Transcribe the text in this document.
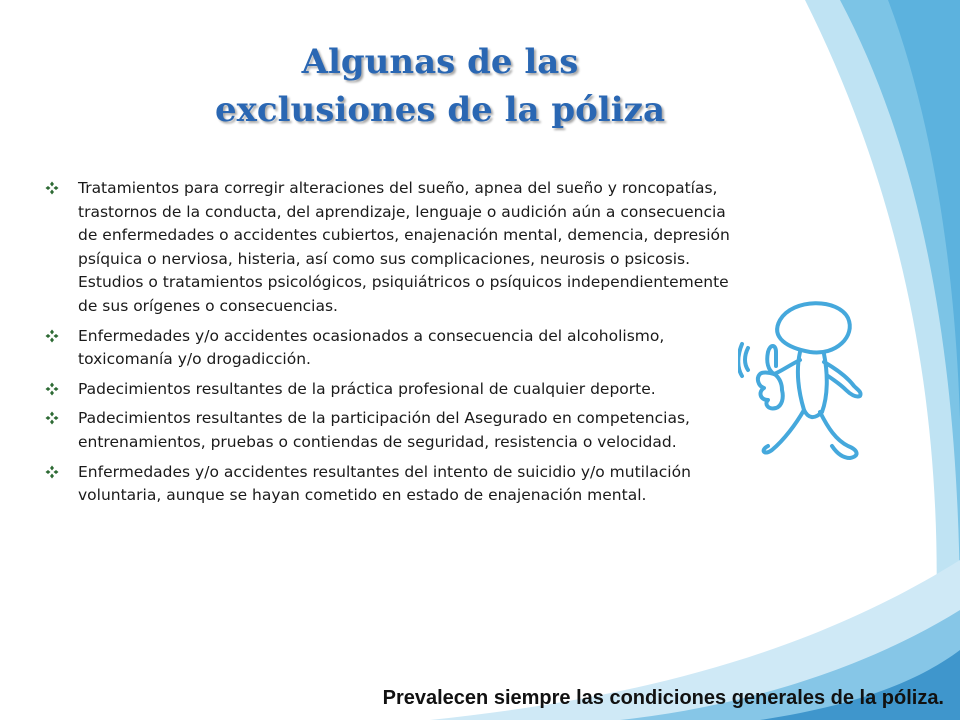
Algunas de las
exclusiones de la póliza
Tratamientos para corregir alteraciones del sueño, apnea del sueño y roncopatías, trastornos de la conducta, del aprendizaje, lenguaje o audición aún a consecuencia de enfermedades o accidentes cubiertos, enajenación mental, demencia, depresión psíquica o nerviosa, histeria, así como sus complicaciones, neurosis o psicosis. Estudios o tratamientos psicológicos, psiquiátricos o psíquicos independientemente de sus orígenes o consecuencias.
Enfermedades y/o accidentes ocasionados a consecuencia del alcoholismo, toxicomanía y/o drogadicción.
Padecimientos resultantes de la práctica profesional de cualquier deporte.
Padecimientos resultantes de la participación del Asegurado en competencias, entrenamientos, pruebas o contiendas de seguridad, resistencia o velocidad.
Enfermedades y/o accidentes resultantes del intento de suicidio y/o mutilación voluntaria, aunque se hayan cometido en estado de enajenación mental.

Prevalecen siempre las condiciones generales de la póliza.
